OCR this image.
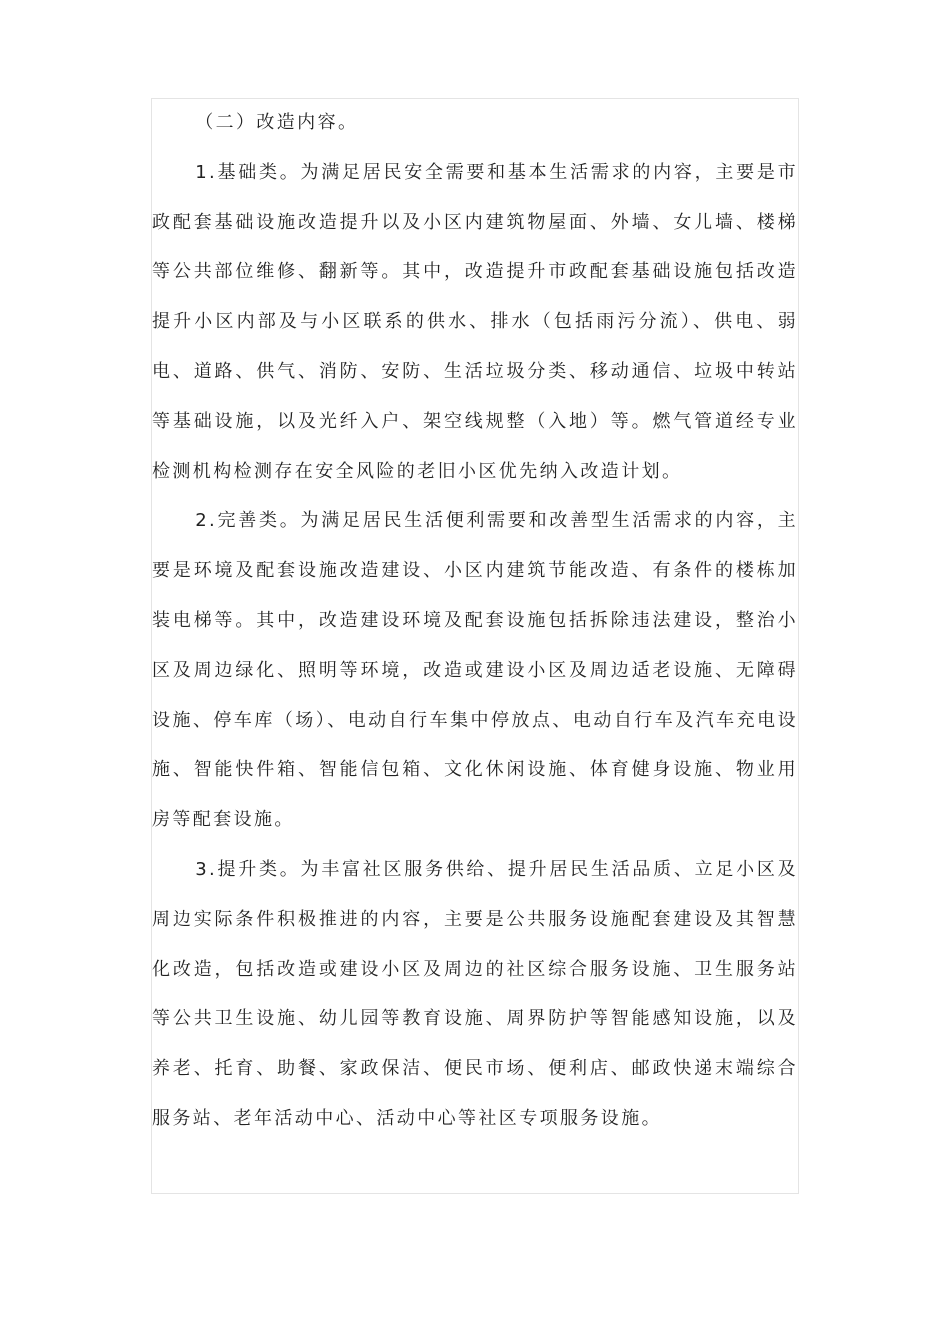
（二）改造内容。

1.基础类。为满足居民安全需要和基本生活需求的内容，主要是市政配套基础设施改造提升以及小区内建筑物屋面、外墙、女儿墙、楼梯等公共部位维修、翻新等。其中，改造提升市政配套基础设施包括改造提升小区内部及与小区联系的供水、排水（包括雨污分流）、供电、弱电、道路、供气、消防、安防、生活垃圾分类、移动通信、垃圾中转站等基础设施，以及光纤入户、架空线规整（入地）等。燃气管道经专业检测机构检测存在安全风险的老旧小区优先纳入改造计划。

2.完善类。为满足居民生活便利需要和改善型生活需求的内容，主要是环境及配套设施改造建设、小区内建筑节能改造、有条件的楼栋加装电梯等。其中，改造建设环境及配套设施包括拆除违法建设，整治小区及周边绿化、照明等环境，改造或建设小区及周边适老设施、无障碍设施、停车库（场）、电动自行车集中停放点、电动自行车及汽车充电设施、智能快件箱、智能信包箱、文化休闲设施、体育健身设施、物业用房等配套设施。

3.提升类。为丰富社区服务供给、提升居民生活品质、立足小区及周边实际条件积极推进的内容，主要是公共服务设施配套建设及其智慧化改造，包括改造或建设小区及周边的社区综合服务设施、卫生服务站等公共卫生设施、幼儿园等教育设施、周界防护等智能感知设施，以及养老、托育、助餐、家政保洁、便民市场、便利店、邮政快递末端综合服务站、老年活动中心、活动中心等社区专项服务设施。
